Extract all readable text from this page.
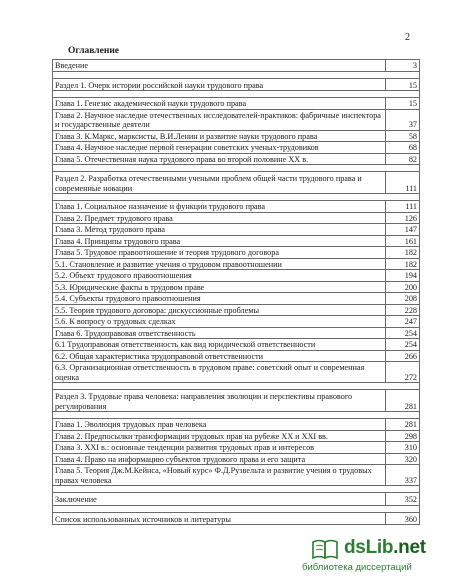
2
Оглавление
Введение	3

Раздел 1. Очерк истории российской науки трудового права	15

Глава 1. Генезис академической науки трудового права	15
Глава 2. Научное наследие отечественных исследователей-практиков: фабричные инспектора и государственные деятели	37
Глава 3. К.Маркс, марксисты, В.И.Ленин и развитие науки трудового права	58
Глава 4. Научное наследие первой генерации советских ученых-трудовиков	68
Глава 5. Отечественная наука трудового права во второй половине XX в.	82

Раздел 2. Разработка отечественными учеными проблем общей части трудового права и современные новации	111

Глава 1. Социальное назначение и функции трудового права	111
Глава 2. Предмет трудового права	126
Глава 3. Метод трудового права	147
Глава 4. Принципы трудового права	161
Глава 5. Трудовое правоотношение и теория трудового договора	182
5.1. Становление и развитие учения о трудовом правоотношении	182
5.2. Объект трудового правоотношения	194
5.3. Юридические факты в трудовом праве	200
5.4. Субъекты трудового правоотношения	208
5.5. Теория трудового договора: дискуссионные проблемы	228
5.6. К вопросу о трудовых сделках	247
Глава 6. Трудоправовая ответственность	254
6.1 Трудоправовая ответственность как вид юридической ответственности	254
6.2. Общая характеристика трудоправовой ответственности	266
6.3. Организационная ответственность в трудовом праве: советский опыт и современная оценка	272

Раздел 3. Трудовые права человека: направления эволюции и перспективы правового регулирования	281

Глава 1. Эволюция трудовых прав человека	281
Глава 2. Предпосылки трансформации трудовых прав на рубеже XX и XXI вв.	298
Глава 3. XXI в.: основные тенденции развития трудовых прав и интересов	310
Глава 4. Право на информацию субъектов трудового права и его защита	320
Глава 5. Теория Дж.М.Кейнса, «Новый курс» Ф.Д.Рузвельта и развитие учения о трудовых правах человека	337

Заключение	352

Список использованных источников и литературы	360
dsLib.net
библиотека диссертаций
